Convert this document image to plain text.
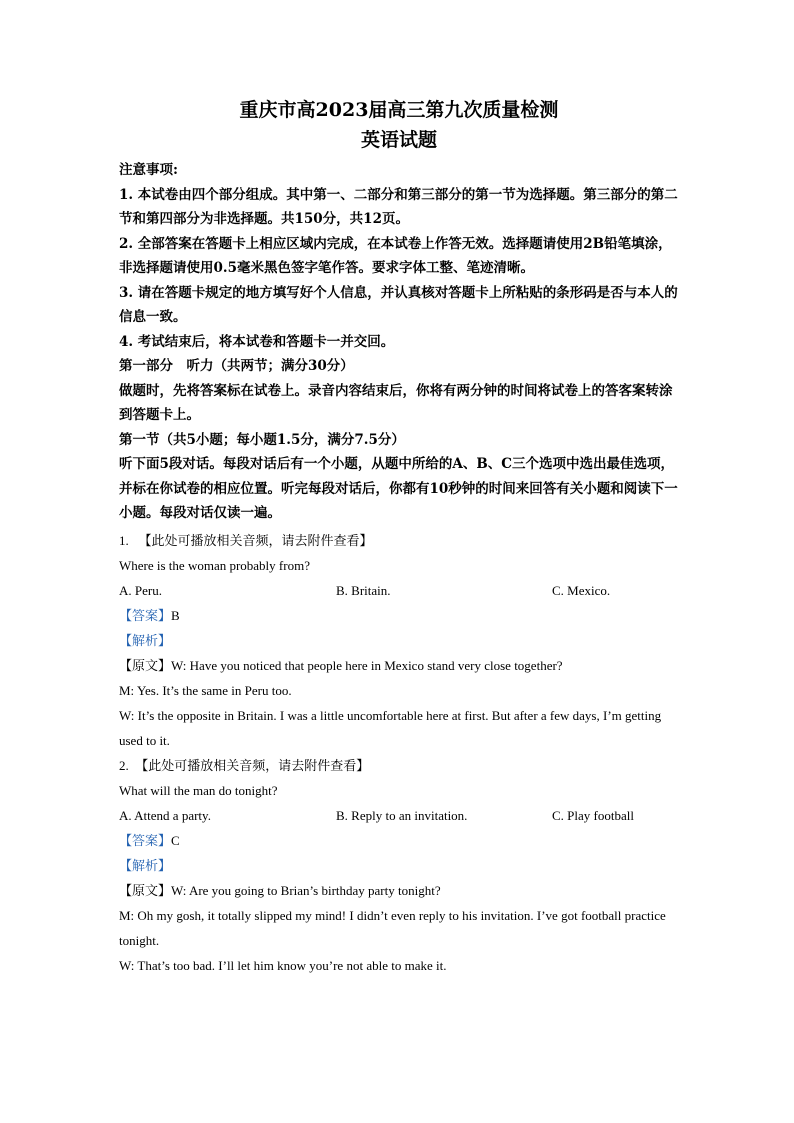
重庆市高2023届高三第九次质量检测
英语试题
注意事项:
1. 本试卷由四个部分组成。其中第一、二部分和第三部分的第一节为选择题。第三部分的第二节和第四部分为非选择题。共150分，共12页。
2. 全部答案在答题卡上相应区域内完成，在本试卷上作答无效。选择题请使用2B铅笔填涂，非选择题请使用0.5毫米黑色签字笔作答。要求字体工整、笔迹清晰。
3. 请在答题卡规定的地方填写好个人信息，并认真核对答题卡上所粘贴的条形码是否与本人的信息一致。
4. 考试结束后，将本试卷和答题卡一并交回。
第一部分　听力（共两节；满分30分）
做题时，先将答案标在试卷上。录音内容结束后，你将有两分钟的时间将试卷上的答客案转涂到答题卡上。
第一节（共5小题；每小题1.5分，满分7.5分）
听下面5段对话。每段对话后有一个小题，从题中所给的A、B、C三个选项中选出最佳选项，并标在你试卷的相应位置。听完每段对话后，你都有10秒钟的时间来回答有关小题和阅读下一小题。每段对话仅读一遍。
1. 【此处可播放相关音频，请去附件查看】
Where is the woman probably from?
A. Peru.	B. Britain.	C. Mexico.
【答案】B
【解析】
【原文】W: Have you noticed that people here in Mexico stand very close together?
M: Yes. It’s the same in Peru too.
W: It’s the opposite in Britain. I was a little uncomfortable here at first. But after a few days, I’m getting used to it.
2. 【此处可播放相关音频，请去附件查看】
What will the man do tonight?
A. Attend a party.	B. Reply to an invitation.	C. Play football
【答案】C
【解析】
【原文】W: Are you going to Brian’s birthday party tonight?
M: Oh my gosh, it totally slipped my mind! I didn’t even reply to his invitation. I’ve got football practice tonight.
W: That’s too bad. I’ll let him know you’re not able to make it.
